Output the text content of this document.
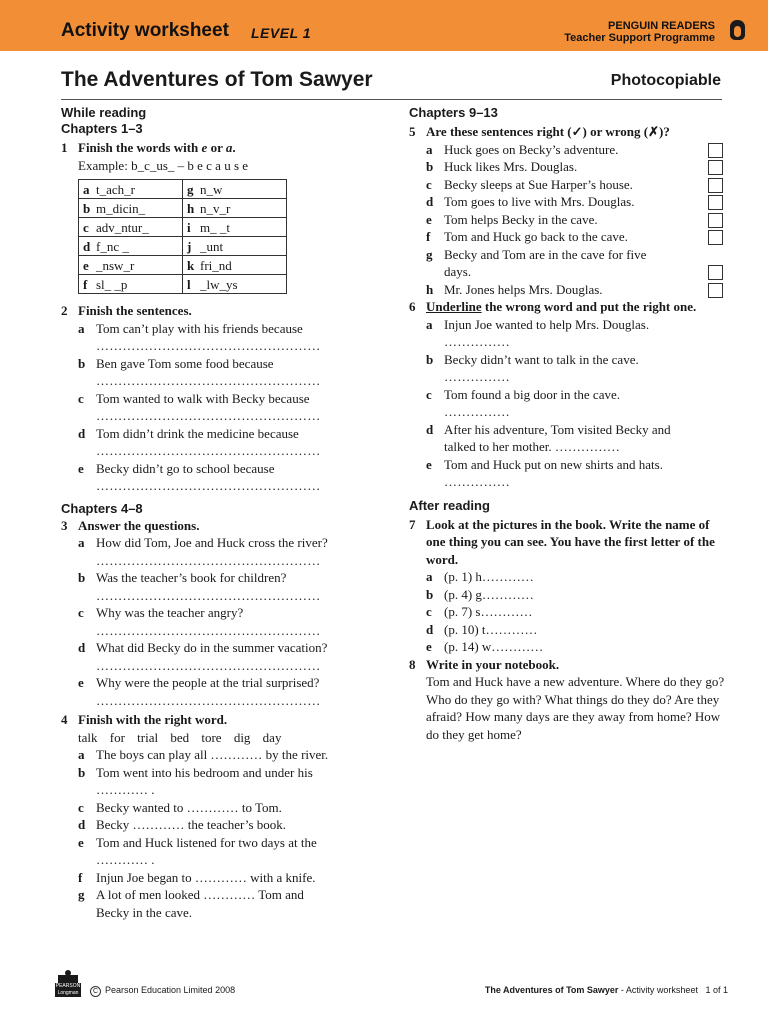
Activity worksheet LEVEL 1	PENGUIN READERS
Teacher Support Programme
The Adventures of Tom Sawyer	Photocopiable
While reading
Chapters 1–3
1 Finish the words with e or a.
Example: b_c_us_ – b e c a u s e
a t_ach_r	g n_w
b m_dicin_	h n_v_r
c adv_ntur_	i m_ _t
d f_nc _	j _unt
e _nsw_r	k fri_nd
f sl_ _p	l _lw_ys
2 Finish the sentences.
a Tom can’t play with his friends because
……………………………………………
b Ben gave Tom some food because
……………………………………………
c Tom wanted to walk with Becky because
……………………………………………
d Tom didn’t drink the medicine because
……………………………………………
e Becky didn’t go to school because
……………………………………………
Chapters 4–8
3 Answer the questions.
a How did Tom, Joe and Huck cross the river?
……………………………………………
b Was the teacher’s book for children?
……………………………………………
c Why was the teacher angry?
……………………………………………
d What did Becky do in the summer vacation?
……………………………………………
e Why were the people at the trial surprised?
……………………………………………
4 Finish with the right word.
talk for trial bed tore dig day
a The boys can play all ………… by the river.
b Tom went into his bedroom and under his
………… .
c Becky wanted to ………… to Tom.
d Becky ………… the teacher’s book.
e Tom and Huck listened for two days at the
………… .
f Injun Joe began to ………… with a knife.
g A lot of men looked ………… Tom and
Becky in the cave.
Chapters 9–13
5 Are these sentences right (✓) or wrong (✗)?
a Huck goes on Becky’s adventure.
b Huck likes Mrs. Douglas.
c Becky sleeps at Sue Harper’s house.
d Tom goes to live with Mrs. Douglas.
e Tom helps Becky in the cave.
f Tom and Huck go back to the cave.
g Becky and Tom are in the cave for five
days.
h Mr. Jones helps Mrs. Douglas.
6 Underline the wrong word and put the right one.
a Injun Joe wanted to help Mrs. Douglas.
……………
b Becky didn’t want to talk in the cave.
……………
c Tom found a big door in the cave.
……………
d After his adventure, Tom visited Becky and
talked to her mother. ……………
e Tom and Huck put on new shirts and hats.
……………
After reading
7 Look at the pictures in the book. Write the name of one thing you can see. You have the first letter of the word.
a (p. 1) h…………
b (p. 4) g…………
c (p. 7) s…………
d (p. 10) t…………
e (p. 14) w…………
8 Write in your notebook.
Tom and Huck have a new adventure. Where do they go? Who do they go with? What things do they do? Are they afraid? How many days are they away from home? How do they get home?
PEARSON
Longman	C Pearson Education Limited 2008	The Adventures of Tom Sawyer - Activity worksheet 1 of 1
